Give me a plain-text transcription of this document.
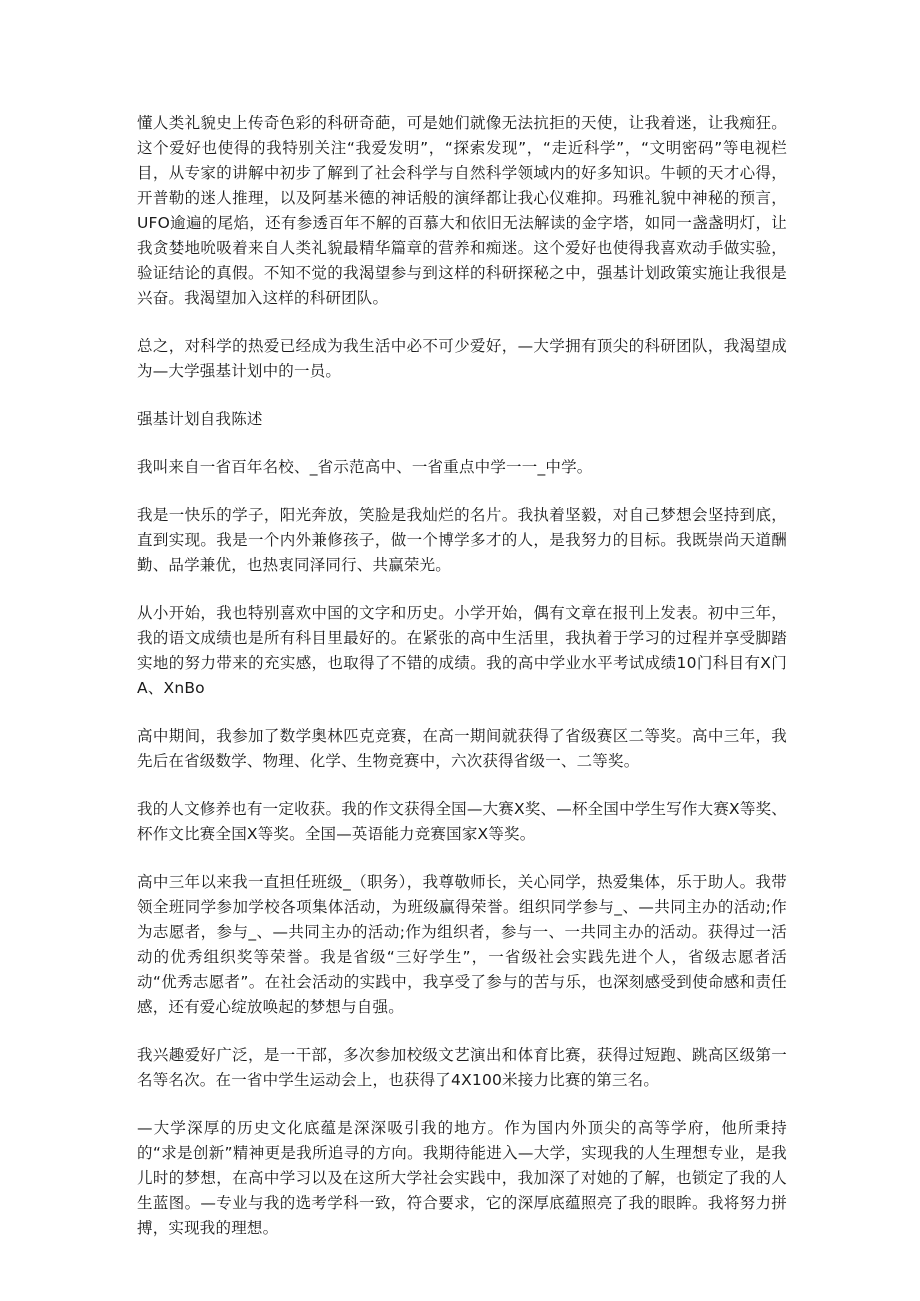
懂人类礼貌史上传奇色彩的科研奇葩，可是她们就像无法抗拒的天使，让我着迷，让我痴狂。这个爱好也使得的我特别关注“我爱发明”，“探索发现”，“走近科学”，“文明密码”等电视栏目，从专家的讲解中初步了解到了社会科学与自然科学领域内的好多知识。牛顿的天才心得，开普勒的迷人推理，以及阿基米德的神话般的演绎都让我心仪难抑。玛雅礼貌中神秘的预言，UFO逾遍的尾焰，还有参透百年不解的百慕大和依旧无法解读的金字塔，如同一盏盏明灯，让我贪婪地吮吸着来自人类礼貌最精华篇章的营养和痴迷。这个爱好也使得我喜欢动手做实验，验证结论的真假。不知不觉的我渴望参与到这样的科研探秘之中，强基计划政策实施让我很是兴奋。我渴望加入这样的科研团队。

总之，对科学的热爱已经成为我生活中必不可少爱好，—大学拥有顶尖的科研团队，我渴望成为—大学强基计划中的一员。

强基计划自我陈述

我叫来自一省百年名校、_省示范高中、一省重点中学一一_中学。

我是一快乐的学子，阳光奔放，笑脸是我灿烂的名片。我执着坚毅，对自己梦想会坚持到底，直到实现。我是一个内外兼修孩子，做一个博学多才的人，是我努力的目标。我既崇尚天道酬勤、品学兼优，也热衷同泽同行、共赢荣光。

从小开始，我也特别喜欢中国的文字和历史。小学开始，偶有文章在报刊上发表。初中三年，我的语文成绩也是所有科目里最好的。在紧张的高中生活里，我执着于学习的过程并享受脚踏实地的努力带来的充实感，也取得了不错的成绩。我的高中学业水平考试成绩10门科目有X门A、XnBo

高中期间，我参加了数学奥林匹克竞赛，在高一期间就获得了省级赛区二等奖。高中三年，我先后在省级数学、物理、化学、生物竞赛中，六次获得省级一、二等奖。

我的人文修养也有一定收获。我的作文获得全国—大赛X奖、—杯全国中学生写作大赛X等奖、杯作文比赛全国X等奖。全国—英语能力竞赛国家X等奖。

高中三年以来我一直担任班级_（职务），我尊敬师长，关心同学，热爱集体，乐于助人。我带领全班同学参加学校各项集体活动，为班级赢得荣誉。组织同学参与_、—共同主办的活动;作为志愿者，参与_、—共同主办的活动;作为组织者，参与一、一共同主办的活动。获得过一活动的优秀组织奖等荣誉。我是省级“三好学生”，一省级社会实践先进个人，省级志愿者活动“优秀志愿者”。在社会活动的实践中，我享受了参与的苦与乐，也深刻感受到使命感和责任感，还有爱心绽放唤起的梦想与自强。

我兴趣爱好广泛，是一干部，多次参加校级文艺演出和体育比赛，获得过短跑、跳高区级第一名等名次。在一省中学生运动会上，也获得了4X100米接力比赛的第三名。

—大学深厚的历史文化底蕴是深深吸引我的地方。作为国内外顶尖的高等学府，他所秉持的“求是创新”精神更是我所追寻的方向。我期待能进入—大学，实现我的人生理想专业，是我儿时的梦想，在高中学习以及在这所大学社会实践中，我加深了对她的了解，也锁定了我的人生蓝图。—专业与我的选考学科一致，符合要求，它的深厚底蕴照亮了我的眼眸。我将努力拼搏，实现我的理想。
